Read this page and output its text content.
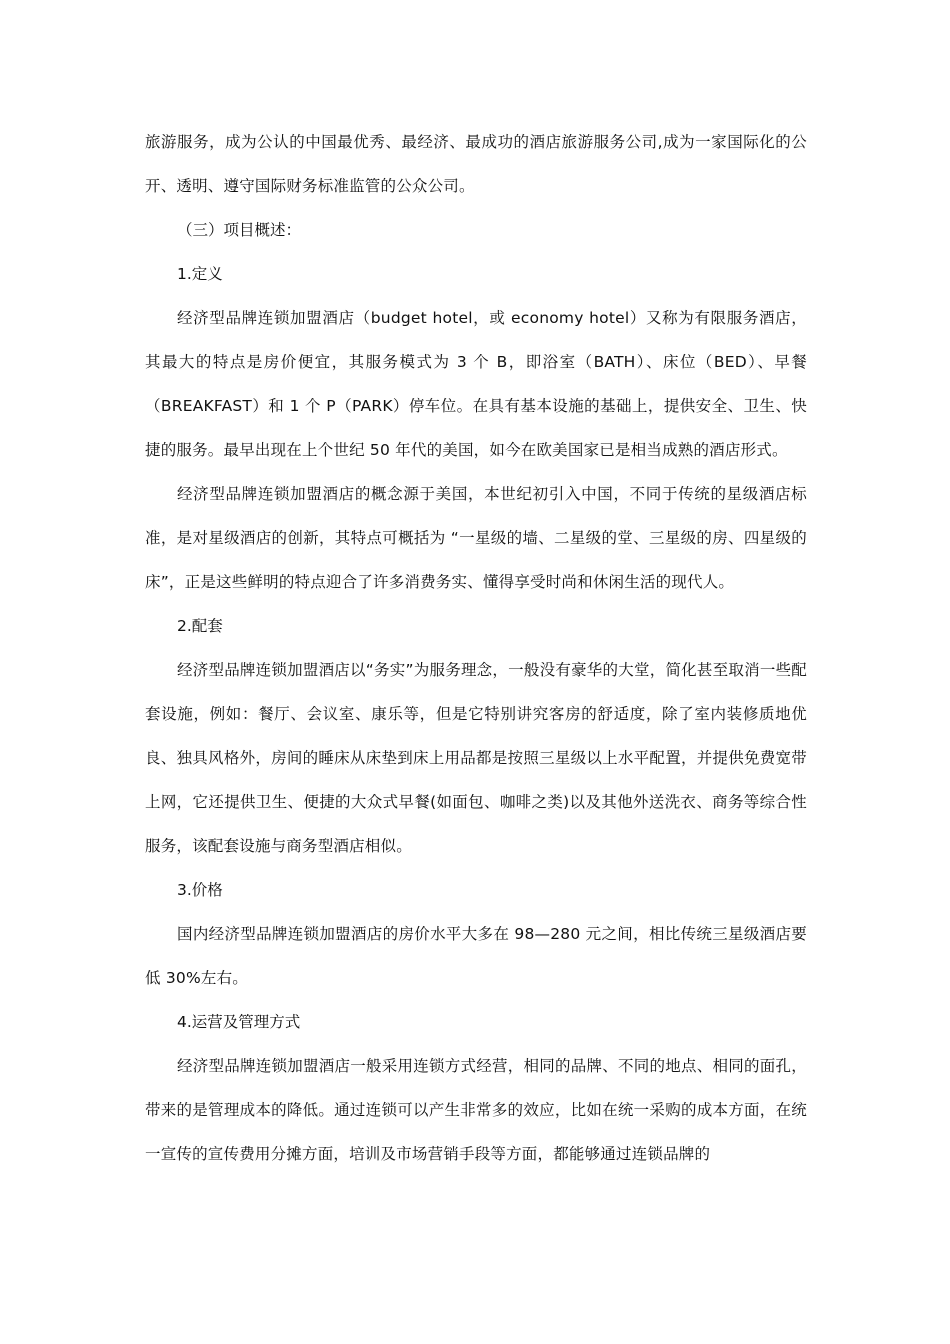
旅游服务，成为公认的中国最优秀、最经济、最成功的酒店旅游服务公司,成为一家国际化的公开、透明、遵守国际财务标准监管的公众公司。

（三）项目概述：

1.定义

经济型品牌连锁加盟酒店（budget hotel，或 economy hotel）又称为有限服务酒店，其最大的特点是房价便宜，其服务模式为 3 个 B，即浴室（BATH）、床位（BED）、早餐（BREAKFAST）和 1 个 P（PARK）停车位。在具有基本设施的基础上，提供安全、卫生、快捷的服务。最早出现在上个世纪 50 年代的美国，如今在欧美国家已是相当成熟的酒店形式。

经济型品牌连锁加盟酒店的概念源于美国，本世纪初引入中国，不同于传统的星级酒店标准，是对星级酒店的创新，其特点可概括为 “一星级的墙、二星级的堂、三星级的房、四星级的床”，正是这些鲜明的特点迎合了许多消费务实、懂得享受时尚和休闲生活的现代人。

2.配套

经济型品牌连锁加盟酒店以“务实”为服务理念，一般没有豪华的大堂，简化甚至取消一些配套设施，例如：餐厅、会议室、康乐等，但是它特别讲究客房的舒适度，除了室内装修质地优良、独具风格外，房间的睡床从床垫到床上用品都是按照三星级以上水平配置，并提供免费宽带上网，它还提供卫生、便捷的大众式早餐(如面包、咖啡之类)以及其他外送洗衣、商务等综合性服务，该配套设施与商务型酒店相似。

3.价格

国内经济型品牌连锁加盟酒店的房价水平大多在 98—280 元之间，相比传统三星级酒店要低 30%左右。

4.运营及管理方式

经济型品牌连锁加盟酒店一般采用连锁方式经营，相同的品牌、不同的地点、相同的面孔，带来的是管理成本的降低。通过连锁可以产生非常多的效应，比如在统一采购的成本方面，在统一宣传的宣传费用分摊方面，培训及市场营销手段等方面，都能够通过连锁品牌的
